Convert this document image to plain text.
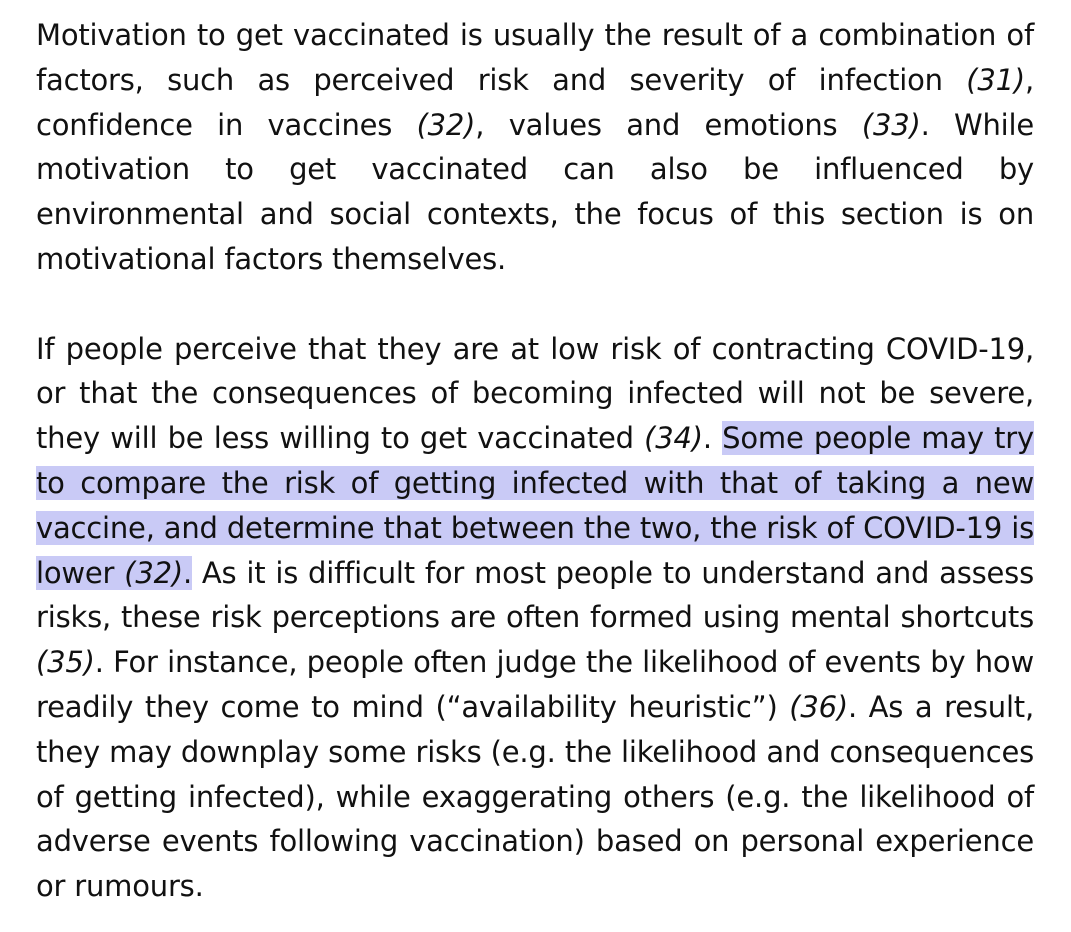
Motivation to get vaccinated is usually the result of a combination of factors, such as perceived risk and severity of infection (31), confidence in vaccines (32), values and emotions (33). While motivation to get vaccinated can also be influenced by environmental and social contexts, the focus of this section is on motivational factors themselves.

If people perceive that they are at low risk of contracting COVID-19, or that the consequences of becoming infected will not be severe, they will be less willing to get vaccinated (34). Some people may try to compare the risk of getting infected with that of taking a new vaccine, and determine that between the two, the risk of COVID-19 is lower (32). As it is difficult for most people to understand and assess risks, these risk perceptions are often formed using mental shortcuts (35). For instance, people often judge the likelihood of events by how readily they come to mind (“availability heuristic”) (36). As a result, they may downplay some risks (e.g. the likelihood and consequences of getting infected), while exaggerating others (e.g. the likelihood of adverse events following vaccination) based on personal experience or rumours.
